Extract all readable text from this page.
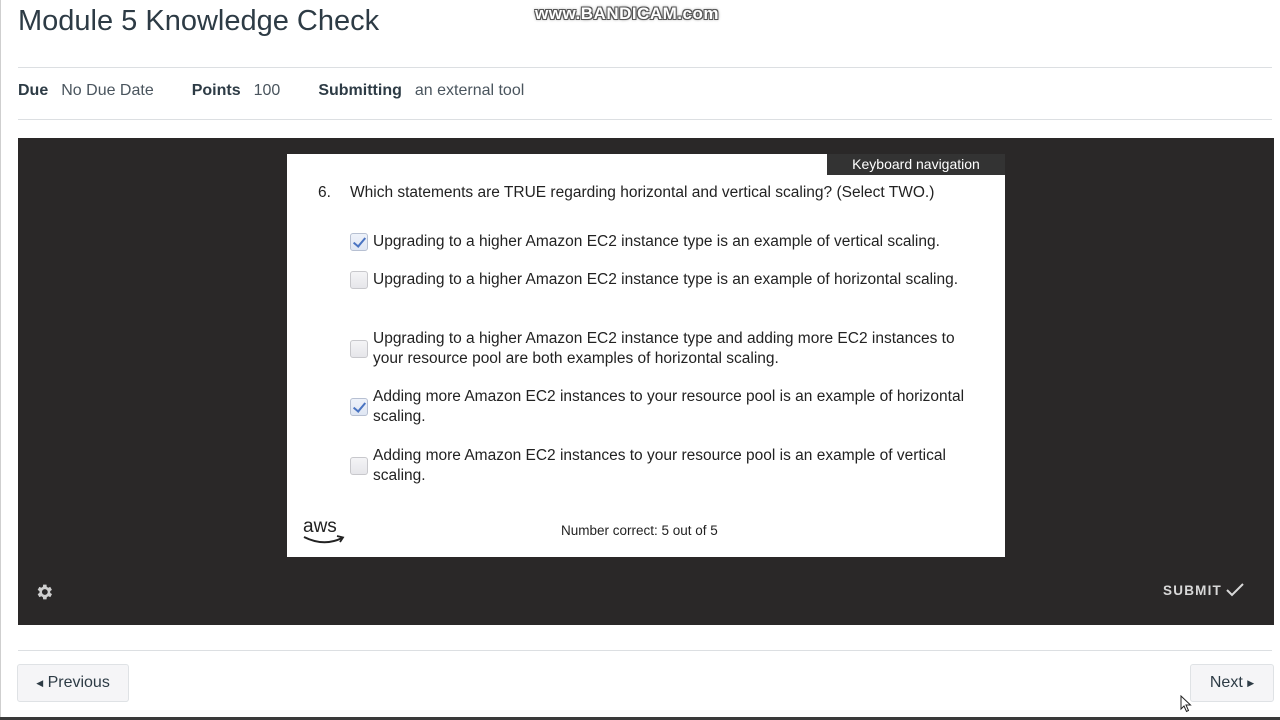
Module 5 Knowledge Check	www.BANDICAM.com
Due No Due Date Points 100 Submitting an external tool
Keyboard navigation
6.	Which statements are TRUE regarding horizontal and vertical scaling? (Select TWO.)
Upgrading to a higher Amazon EC2 instance type is an example of vertical scaling.
Upgrading to a higher Amazon EC2 instance type is an example of horizontal scaling.
Upgrading to a higher Amazon EC2 instance type and adding more EC2 instances to your resource pool are both examples of horizontal scaling.
Adding more Amazon EC2 instances to your resource pool is an example of horizontal scaling.
Adding more Amazon EC2 instances to your resource pool is an example of vertical scaling.
aws	Number correct: 5 out of 5
SUBMIT
◀
Previous	Next
▶
